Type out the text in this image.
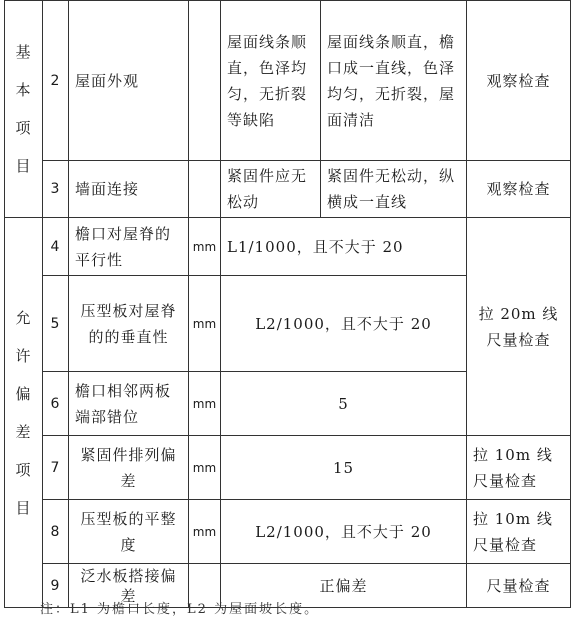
基本项目	2	屋面外观		屋面线条顺直，色泽均匀，无折裂等缺陷	屋面线条顺直，檐口成一直线，色泽均匀，无折裂，屋面清洁	观察检查
	3	墙面连接		紧固件应无松动	紧固件无松动，纵横成一直线	观察检查

允许偏差项目	4	檐口对屋脊的平行性	mm	L1/1000，且不大于 20		拉 20m 线尺量检查
	5	压型板对屋脊的的垂直性	mm	L2/1000，且不大于 20		
	6	檐口相邻两板端部错位	mm	5		
	7	紧固件排列偏差	mm	15		拉 10m 线尺量检查
	8	压型板的平整度	mm	L2/1000，且不大于 20		拉 10m 线尺量检查
	9	泛水板搭接偏差		正偏差		尺量检查
注：L1 为檐口长度，L2 为屋面坡长度。
